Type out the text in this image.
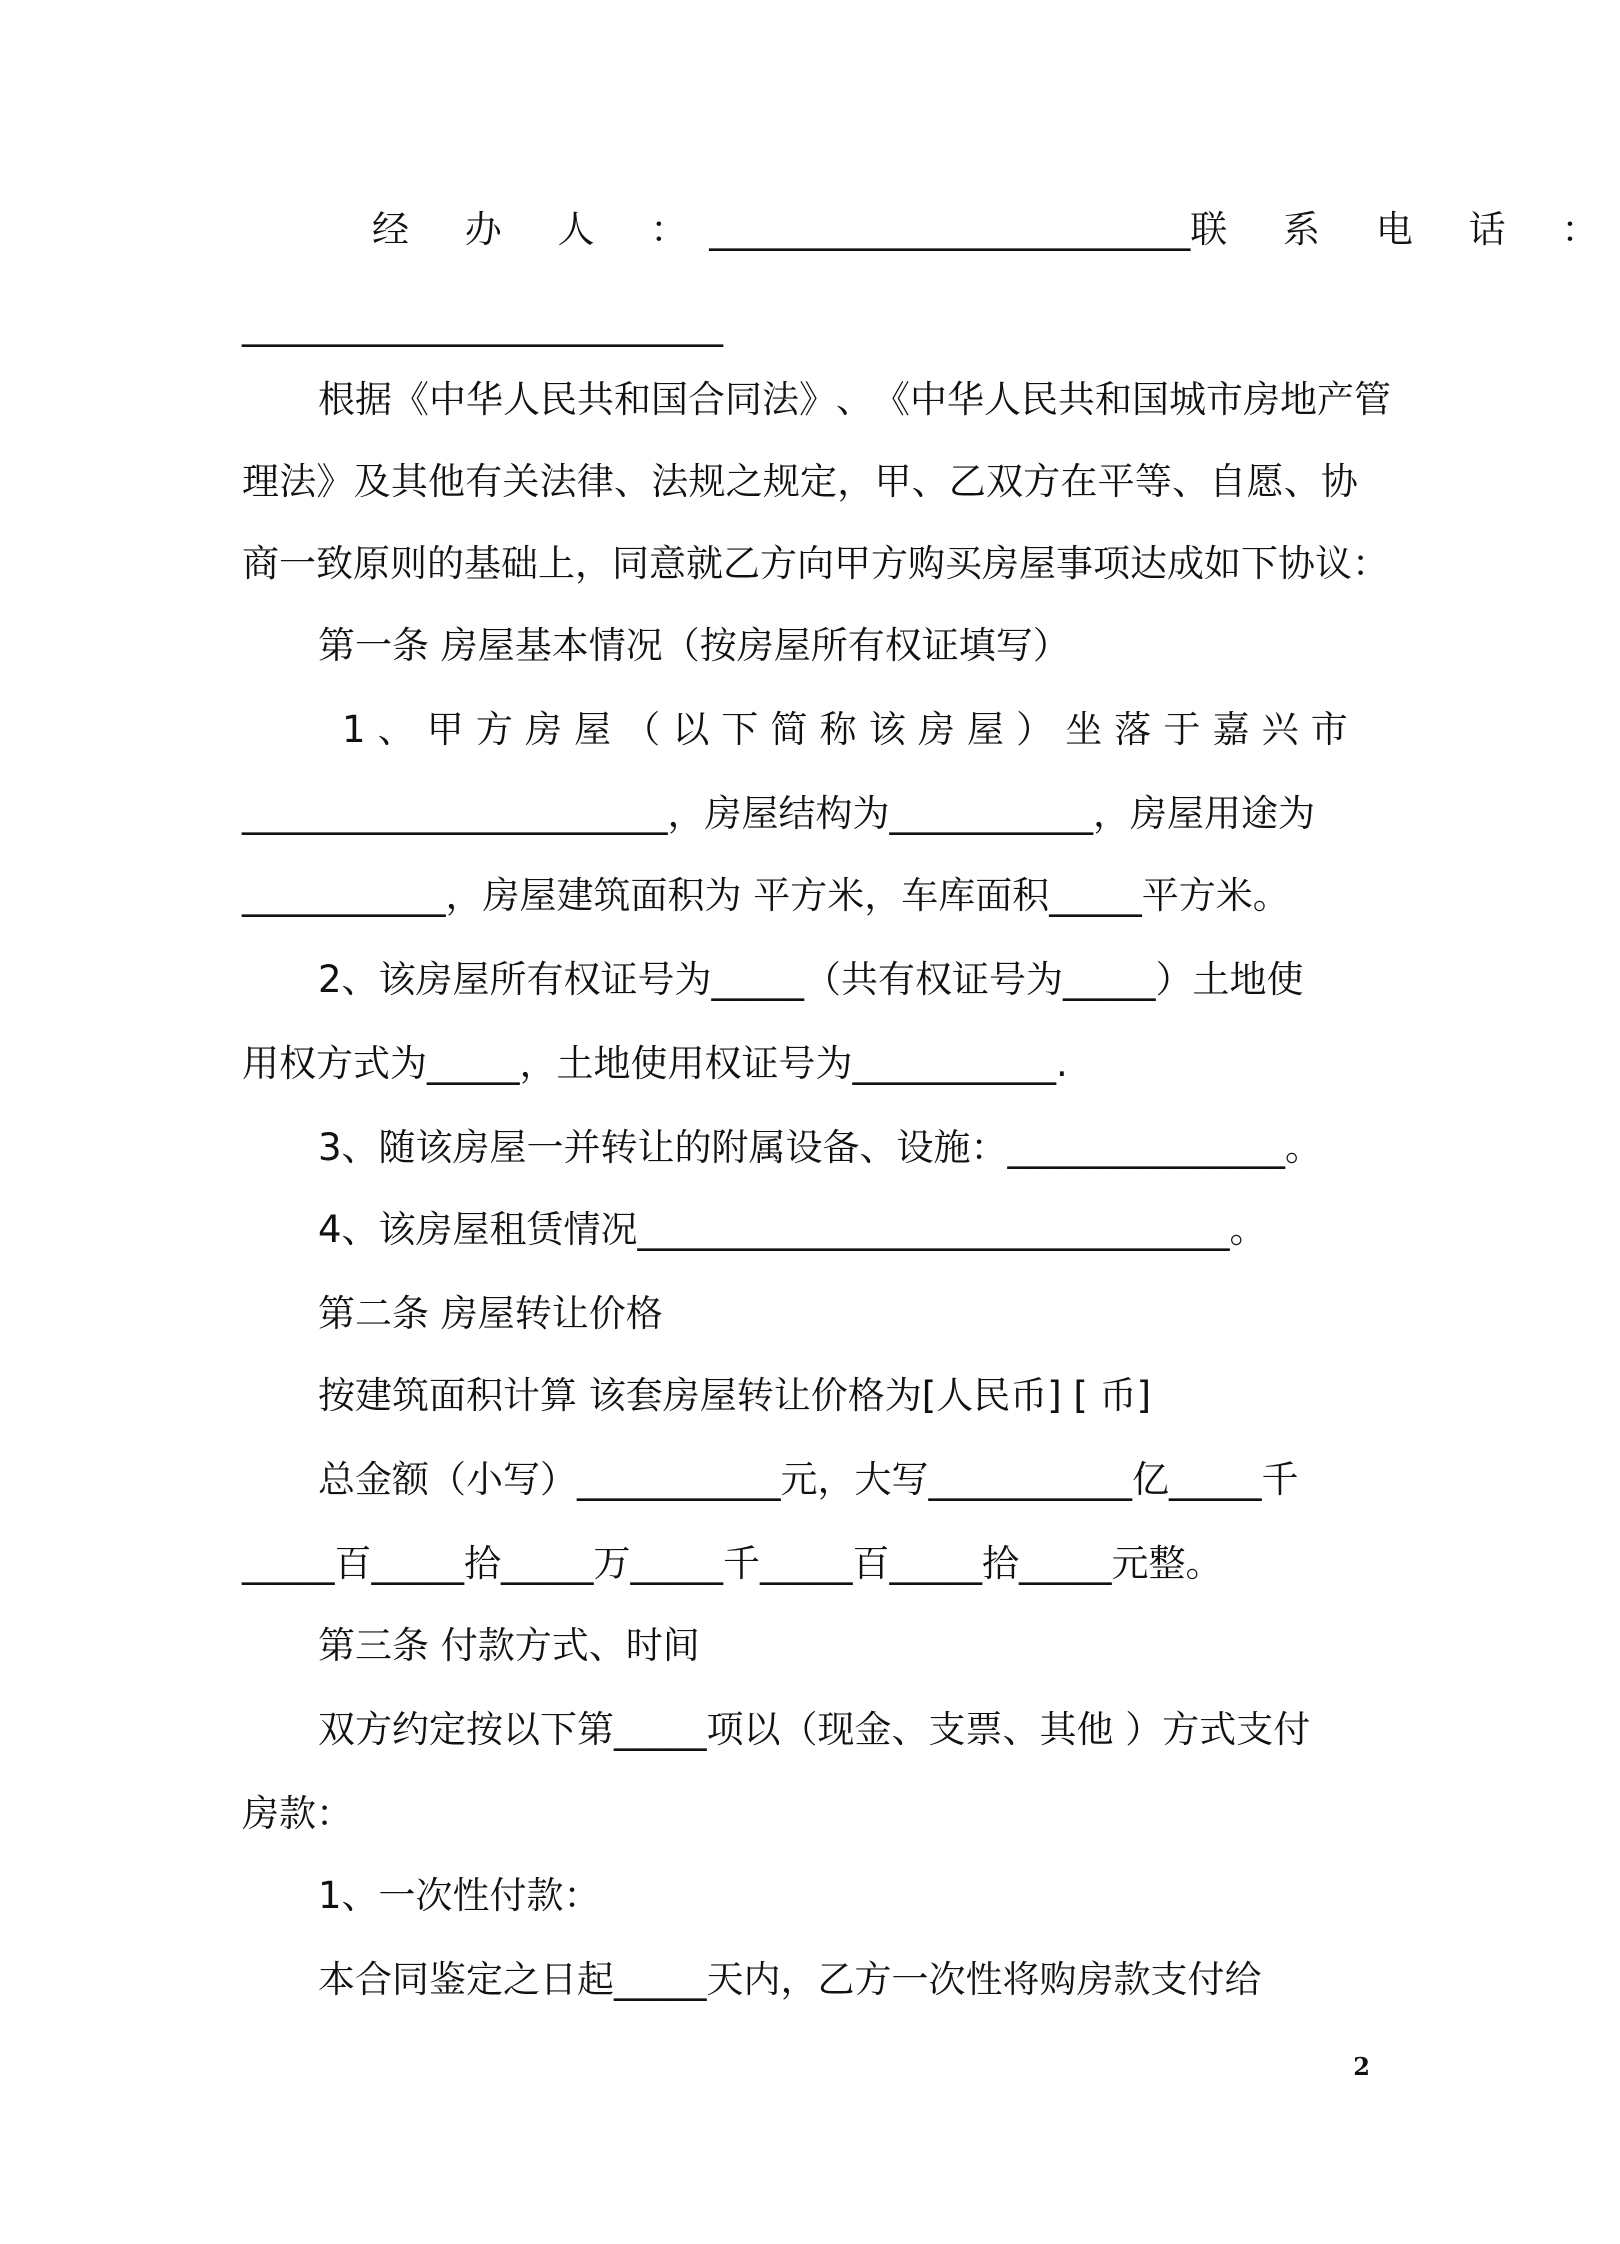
经 办 人 ： __________________________ 联 系 电 话 ：
__________________________
根 据 《 中 华 人 民 共 和 国 合 同 法 》 、 《 中 华 人 民 共 和 国 城 市 房 地 产 管
理 法 》 及 其 他 有 关 法 律 、 法 规 之 规 定 ， 甲 、 乙 双 方 在 平 等 、 自 愿 、 协
商 一 致 原 则 的 基 础 上 ， 同 意 就 乙 方 向 甲 方 购 买 房 屋 事 项 达 成 如 下 协 议 ：
第一条 房屋基本情况（按房屋所有权证填写）
1 、 甲 方 房 屋 （ 以 下 简 称 该 房 屋 ） 坐 落 于 嘉 兴 市
_______________________，房屋结构为___________，房屋用途为
___________，房屋建筑面积为 平方米，车库面积_____平方米。
2、该房屋所有权证号为_____（共有权证号为_____）土地使
用权方式为_____，土地使用权证号为___________.
3、随该房屋一并转让的附属设备、设施：_______________。
4、该房屋租赁情况________________________________。
第二条 房屋转让价格
按建筑面积计算 该套房屋转让价格为[人民币] [ 币]
总金额（小写）___________元，大写___________亿_____千
_____百_____拾_____万_____千_____百_____拾_____元整。
第三条 付款方式、时间
双方约定按以下第_____项以（现金、支票、其他 ）方式支付
房款：
1、一次性付款：
本合同鉴定之日起_____天内，乙方一次性将购房款支付给
2
